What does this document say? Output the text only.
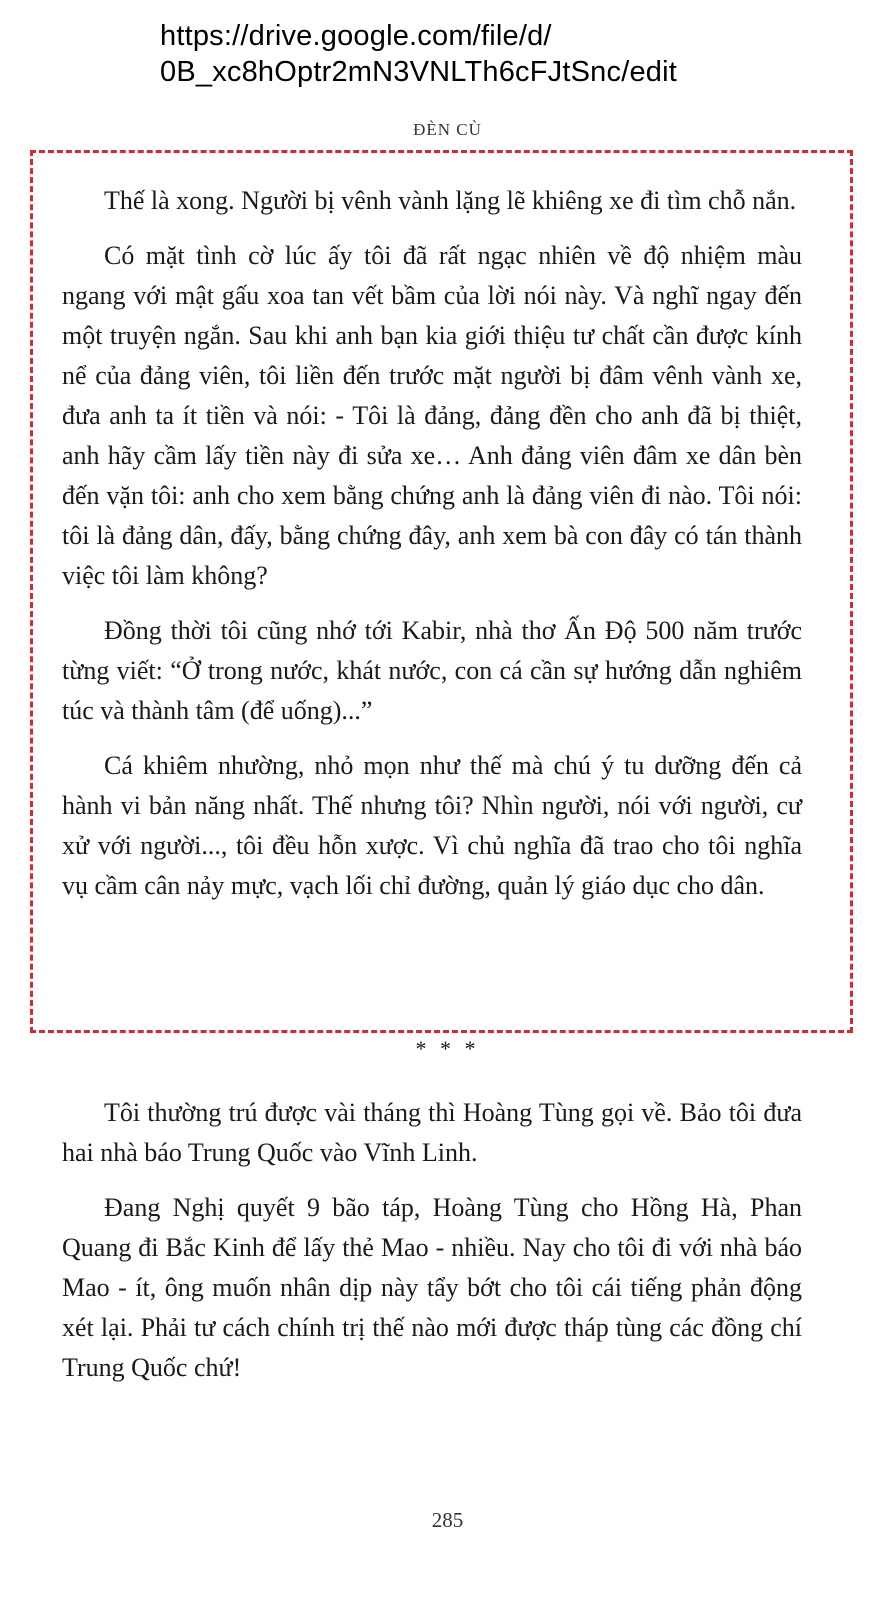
https://drive.google.com/file/d/
0B_xc8hOptr2mN3VNLTh6cFJtSnc/edit
ĐÈN CÙ

Thế là xong. Người bị vênh vành lặng lẽ khiêng xe đi tìm chỗ nắn.

Có mặt tình cờ lúc ấy tôi đã rất ngạc nhiên về độ nhiệm màu ngang với mật gấu xoa tan vết bầm của lời nói này. Và nghĩ ngay đến một truyện ngắn. Sau khi anh bạn kia giới thiệu tư chất cần được kính nể của đảng viên, tôi liền đến trước mặt người bị đâm vênh vành xe, đưa anh ta ít tiền và nói: - Tôi là đảng, đảng đền cho anh đã bị thiệt, anh hãy cầm lấy tiền này đi sửa xe… Anh đảng viên đâm xe dân bèn đến vặn tôi: anh cho xem bằng chứng anh là đảng viên đi nào. Tôi nói: tôi là đảng dân, đấy, bằng chứng đây, anh xem bà con đây có tán thành việc tôi làm không?

Đồng thời tôi cũng nhớ tới Kabir, nhà thơ Ấn Độ 500 năm trước từng viết: “Ở trong nước, khát nước, con cá cần sự hướng dẫn nghiêm túc và thành tâm (để uống)...”

Cá khiêm nhường, nhỏ mọn như thế mà chú ý tu dưỡng đến cả hành vi bản năng nhất. Thế nhưng tôi? Nhìn người, nói với người, cư xử với người..., tôi đều hỗn xược. Vì chủ nghĩa đã trao cho tôi nghĩa vụ cầm cân nảy mực, vạch lối chỉ đường, quản lý giáo dục cho dân.

* * *

Tôi thường trú được vài tháng thì Hoàng Tùng gọi về. Bảo tôi đưa hai nhà báo Trung Quốc vào Vĩnh Linh.

Đang Nghị quyết 9 bão táp, Hoàng Tùng cho Hồng Hà, Phan Quang đi Bắc Kinh để lấy thẻ Mao - nhiều. Nay cho tôi đi với nhà báo Mao - ít, ông muốn nhân dịp này tẩy bớt cho tôi cái tiếng phản động xét lại. Phải tư cách chính trị thế nào mới được tháp tùng các đồng chí Trung Quốc chứ!

285
